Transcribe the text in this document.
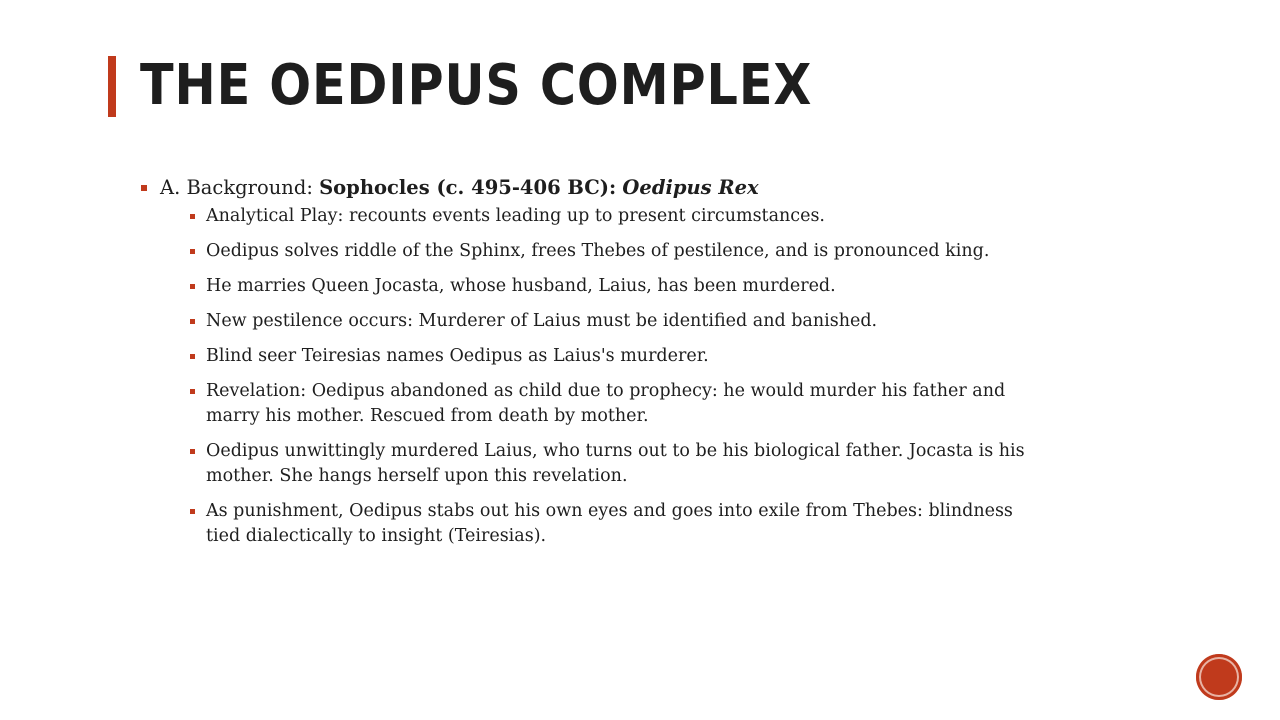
THE OEDIPUS COMPLEX
A. Background: Sophocles (c. 495-406 BC): Oedipus Rex
Analytical Play: recounts events leading up to present circumstances.
Oedipus solves riddle of the Sphinx, frees Thebes of pestilence, and is pronounced king.
He marries Queen Jocasta, whose husband, Laius, has been murdered.
New pestilence occurs: Murderer of Laius must be identified and banished.
Blind seer Teiresias names Oedipus as Laius's murderer.
Revelation: Oedipus abandoned as child due to prophecy: he would murder his father and
marry his mother. Rescued from death by mother.
Oedipus unwittingly murdered Laius, who turns out to be his biological father. Jocasta is his
mother. She hangs herself upon this revelation.
As punishment, Oedipus stabs out his own eyes and goes into exile from Thebes: blindness
tied dialectically to insight (Teiresias).
